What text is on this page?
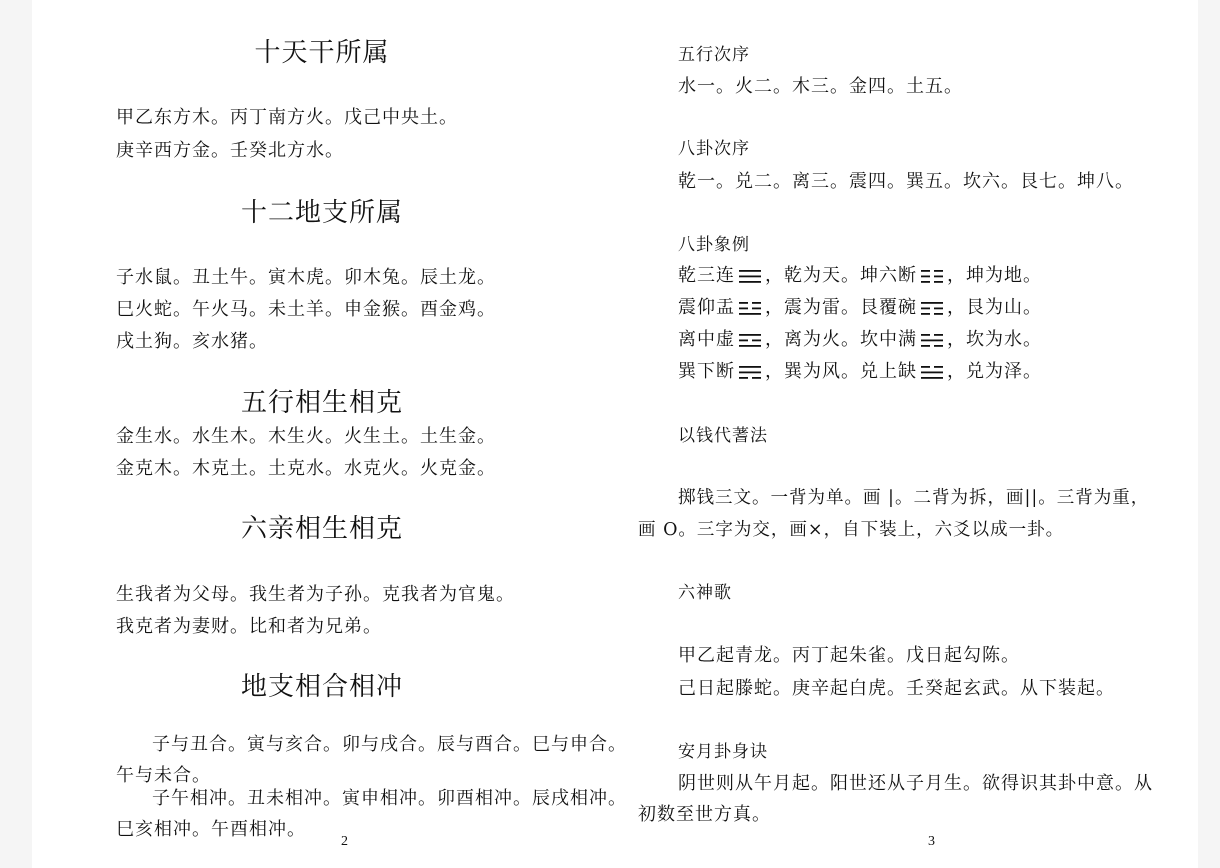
十天干所属
甲乙东方木。丙丁南方火。戊己中央土。
庚辛西方金。壬癸北方水。
十二地支所属
子水鼠。丑土牛。寅木虎。卯木兔。辰土龙。
巳火蛇。午火马。未土羊。申金猴。酉金鸡。
戌土狗。亥水猪。
五行相生相克
金生水。水生木。木生火。火生土。土生金。
金克木。木克土。土克水。水克火。火克金。
六亲相生相克
生我者为父母。我生者为子孙。克我者为官鬼。
我克者为妻财。比和者为兄弟。
地支相合相冲
子与丑合。寅与亥合。卯与戌合。辰与酉合。巳与申合。
午与未合。
子午相冲。丑未相冲。寅申相冲。卯酉相冲。辰戌相冲。
巳亥相冲。午酉相冲。
2
五行次序
水一。火二。木三。金四。土五。
八卦次序
乾一。兑二。离三。震四。巽五。坎六。艮七。坤八。
八卦象例
乾三连 ，乾为天。坤六断 ，坤为地。
震仰盂 ，震为雷。艮覆碗 ，艮为山。
离中虚 ，离为火。坎中满 ，坎为水。
巽下断 ，巽为风。兑上缺 ，兑为泽。
以钱代蓍法
掷钱三文。一背为单。画 |。二背为拆，画||。三背为重，
画 O。三字为交，画×，自下装上，六爻以成一卦。
六神歌
甲乙起青龙。丙丁起朱雀。戊日起勾陈。
己日起滕蛇。庚辛起白虎。壬癸起玄武。从下装起。
安月卦身诀
阴世则从午月起。阳世还从子月生。欲得识其卦中意。从
初数至世方真。
3
